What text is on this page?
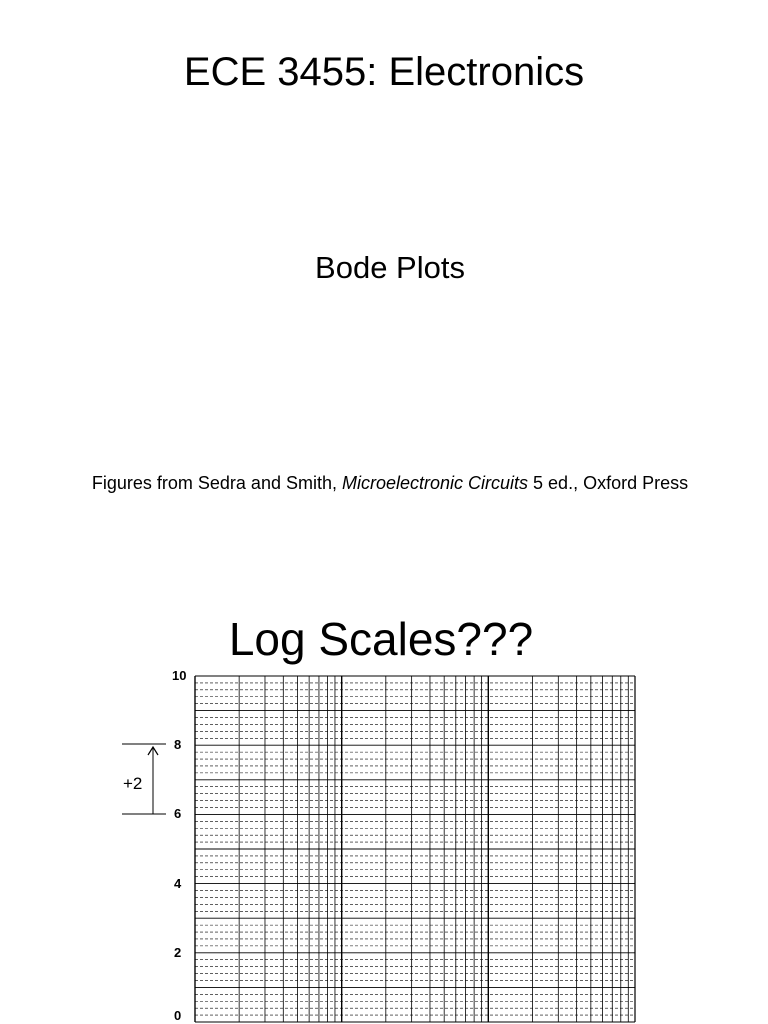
ECE 3455: Electronics
Bode Plots
Figures from Sedra and Smith, Microelectronic Circuits 5 ed., Oxford Press
Log Scales???
10
8
6
4
2
0
+2
